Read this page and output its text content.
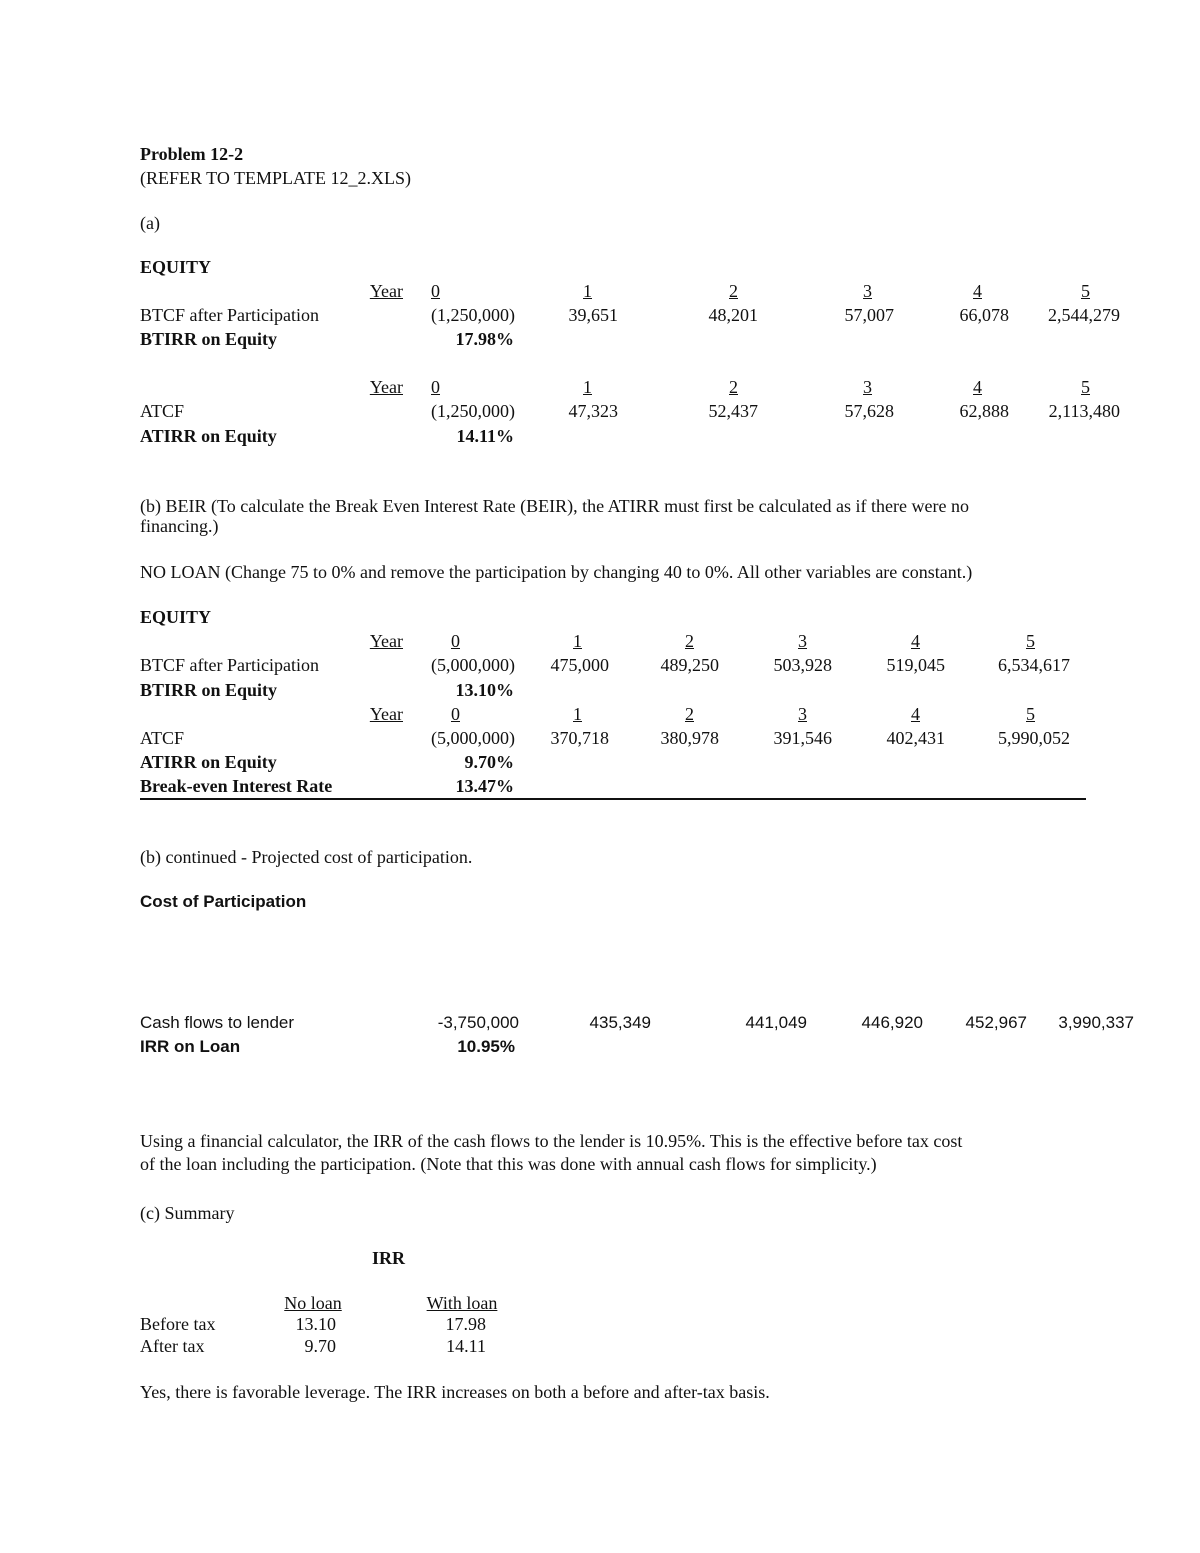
Problem 12-2
(REFER TO TEMPLATE 12_2.XLS)
(a)
EQUITY
Year	0	1	2	3	4	5
BTCF after Participation	(1,250,000)	39,651	48,201	57,007	66,078	2,544,279
BTIRR on Equity	17.98%
Year	0	1	2	3	4	5
ATCF	(1,250,000)	47,323	52,437	57,628	62,888	2,113,480
ATIRR on Equity	14.11%
(b) BEIR (To calculate the Break Even Interest Rate (BEIR), the ATIRR must first be calculated as if there were no
financing.)
NO LOAN (Change 75 to 0% and remove the participation by changing 40 to 0%. All other variables are constant.)
EQUITY
Year	0	1	2	3	4	5
BTCF after Participation	(5,000,000)	475,000	489,250	503,928	519,045	6,534,617
BTIRR on Equity	13.10%
Year	0	1	2	3	4	5
ATCF	(5,000,000)	370,718	380,978	391,546	402,431	5,990,052
ATIRR on Equity	9.70%
Break-even Interest Rate	13.47%
(b) continued - Projected cost of participation.
Cost of Participation
Cash flows to lender	-3,750,000	435,349	441,049	446,920	452,967	3,990,337
IRR on Loan	10.95%
Using a financial calculator, the IRR of the cash flows to the lender is 10.95%. This is the effective before tax cost
of the loan including the participation. (Note that this was done with annual cash flows for simplicity.)
(c) Summary
IRR
No loan	With loan
Before tax	13.10	17.98
After tax	9.70	14.11
Yes, there is favorable leverage. The IRR increases on both a before and after-tax basis.
